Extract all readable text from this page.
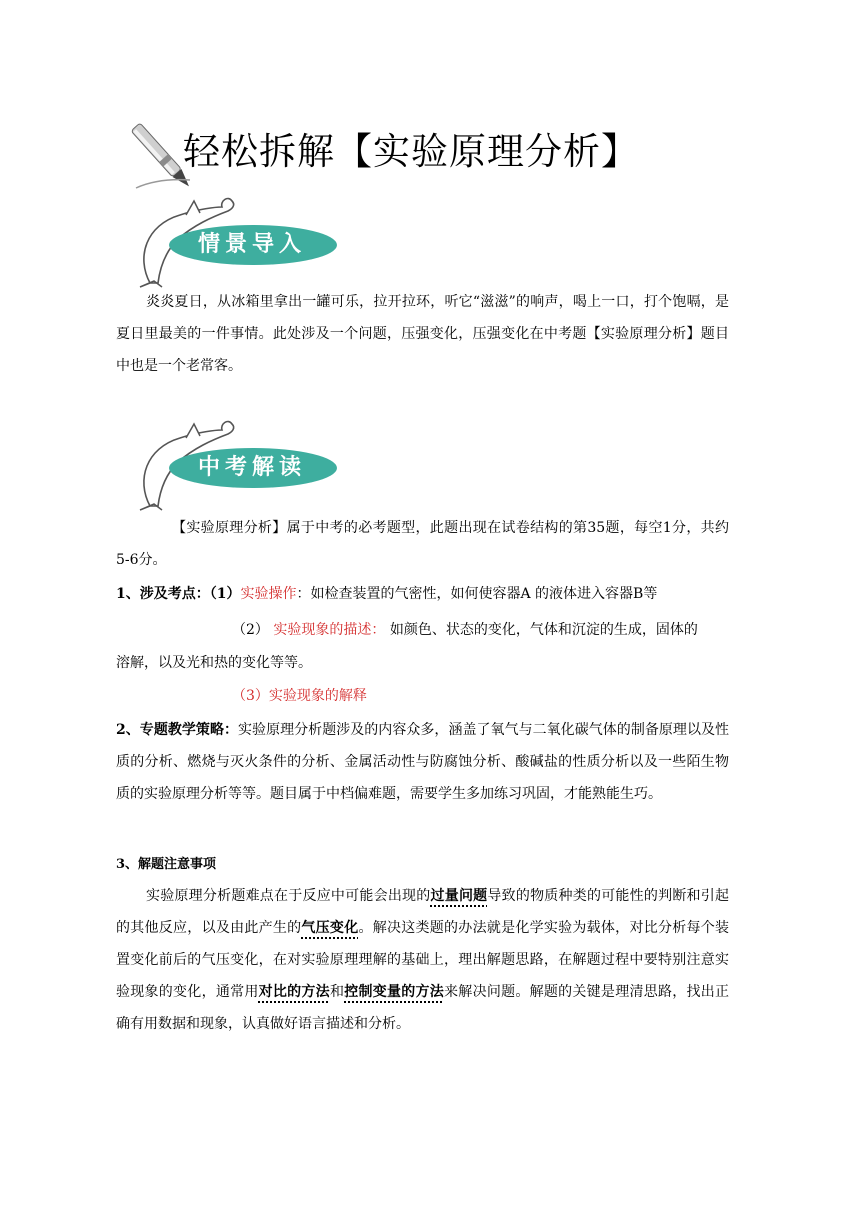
轻松拆解【实验原理分析】
情景导入
炎炎夏日，从冰箱里拿出一罐可乐，拉开拉环，听它“滋滋”的响声，喝上一口，打个饱嗝，是夏日里最美的一件事情。此处涉及一个问题，压强变化，压强变化在中考题【实验原理分析】题目中也是一个老常客。
中考解读
【实验原理分析】属于中考的必考题型，此题出现在试卷结构的第35题，每空1分，共约5-6分。
1、涉及考点：（1）实验操作：如检查装置的气密性，如何使容器A 的液体进入容器B等
（2） 实验现象的描述： 如颜色、状态的变化，气体和沉淀的生成，固体的
溶解，以及光和热的变化等等。
（3）实验现象的解释
2、专题教学策略：实验原理分析题涉及的内容众多，涵盖了氧气与二氧化碳气体的制备原理以及性质的分析、燃烧与灭火条件的分析、金属活动性与防腐蚀分析、酸碱盐的性质分析以及一些陌生物质的实验原理分析等等。题目属于中档偏难题，需要学生多加练习巩固，才能熟能生巧。
3、解题注意事项
实验原理分析题难点在于反应中可能会出现的过量问题导致的物质种类的可能性的判断和引起的其他反应，以及由此产生的气压变化。解决这类题的办法就是化学实验为载体，对比分析每个装置变化前后的气压变化，在对实验原理理解的基础上，理出解题思路，在解题过程中要特别注意实验现象的变化，通常用对比的方法和控制变量的方法来解决问题。解题的关键是理清思路，找出正确有用数据和现象，认真做好语言描述和分析。
